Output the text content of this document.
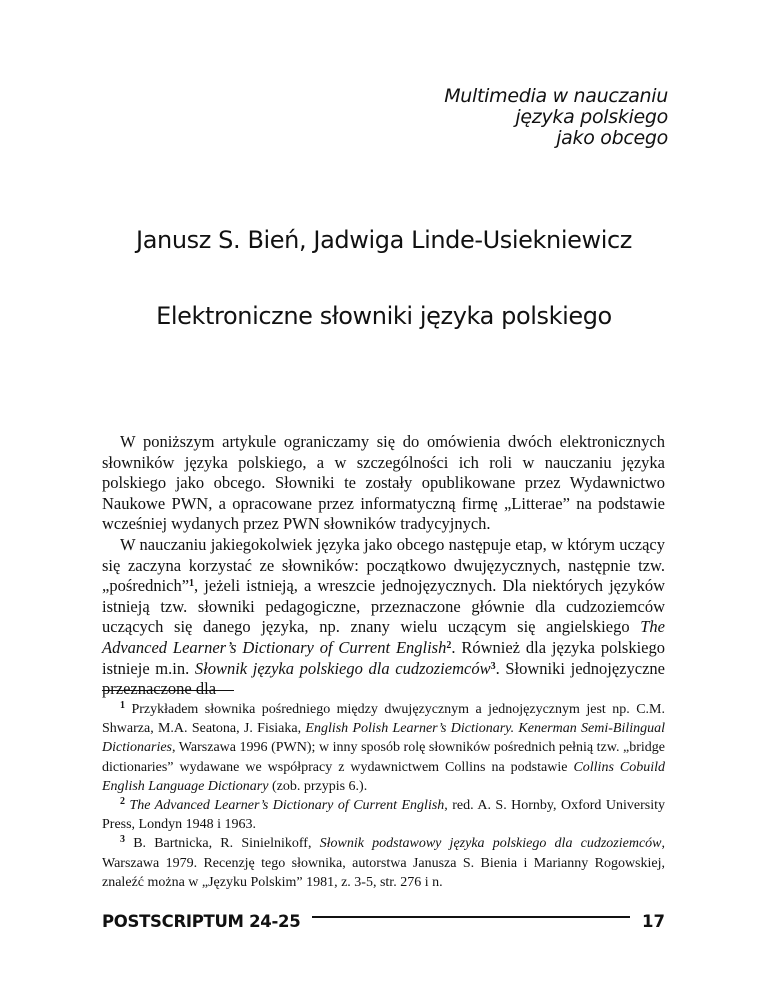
Multimedia w nauczaniu
języka polskiego
jako obcego
Janusz S. Bień, Jadwiga Linde-Usiekniewicz
Elektroniczne słowniki języka polskiego

W poniższym artykule ograniczamy się do omówienia dwóch elektronicznych słowników języka polskiego, a w szczególności ich roli w nauczaniu języka polskiego jako obcego. Słowniki te zostały opublikowane przez Wydawnictwo Naukowe PWN, a opracowane przez informatyczną firmę „Litterae” na podstawie wcześniej wydanych przez PWN słowników tradycyjnych.

W nauczaniu jakiegokolwiek języka jako obcego następuje etap, w którym uczący się zaczyna korzystać ze słowników: początkowo dwujęzycznych, następnie tzw. „pośrednich”$^1$, jeżeli istnieją, a wreszcie jednojęzycznych. Dla niektórych języków istnieją tzw. słowniki pedagogiczne, przeznaczone głównie dla cudzoziemców uczących się danego języka, np. znany wielu uczącym się angielskiego The Advanced Learner’s Dictionary of Current English$^2$. Również dla języka polskiego istnieje m.in. Słownik języka polskiego dla cudzoziemców$^3$. Słowniki jednojęzyczne przeznaczone dla

$^1$ Przykładem słownika pośredniego między dwujęzycznym a jednojęzycznym jest np. C.M. Shwarza, M.A. Seatona, J. Fisiaka, English Polish Learner’s Dictionary. Kenerman Semi-Bilingual Dictionaries, Warszawa 1996 (PWN); w inny sposób rolę słowników pośrednich pełnią tzw. „bridge dictionaries” wydawane we współpracy z wydawnictwem Collins na podstawie Collins Cobuild English Language Dictionary (zob. przypis 6.).

$^2$ The Advanced Learner’s Dictionary of Current English, red. A. S. Hornby, Oxford University Press, Londyn 1948 i 1963.

$^3$ B. Bartnicka, R. Sinielnikoff, Słownik podstawowy języka polskiego dla cudzoziemców, Warszawa 1979. Recenzję tego słownika, autorstwa Janusza S. Bienia i Marianny Rogowskiej, znaleźć można w „Języku Polskim” 1981, z. 3-5, str. 276 i n.

POSTSCRIPTUM 24-25	17
